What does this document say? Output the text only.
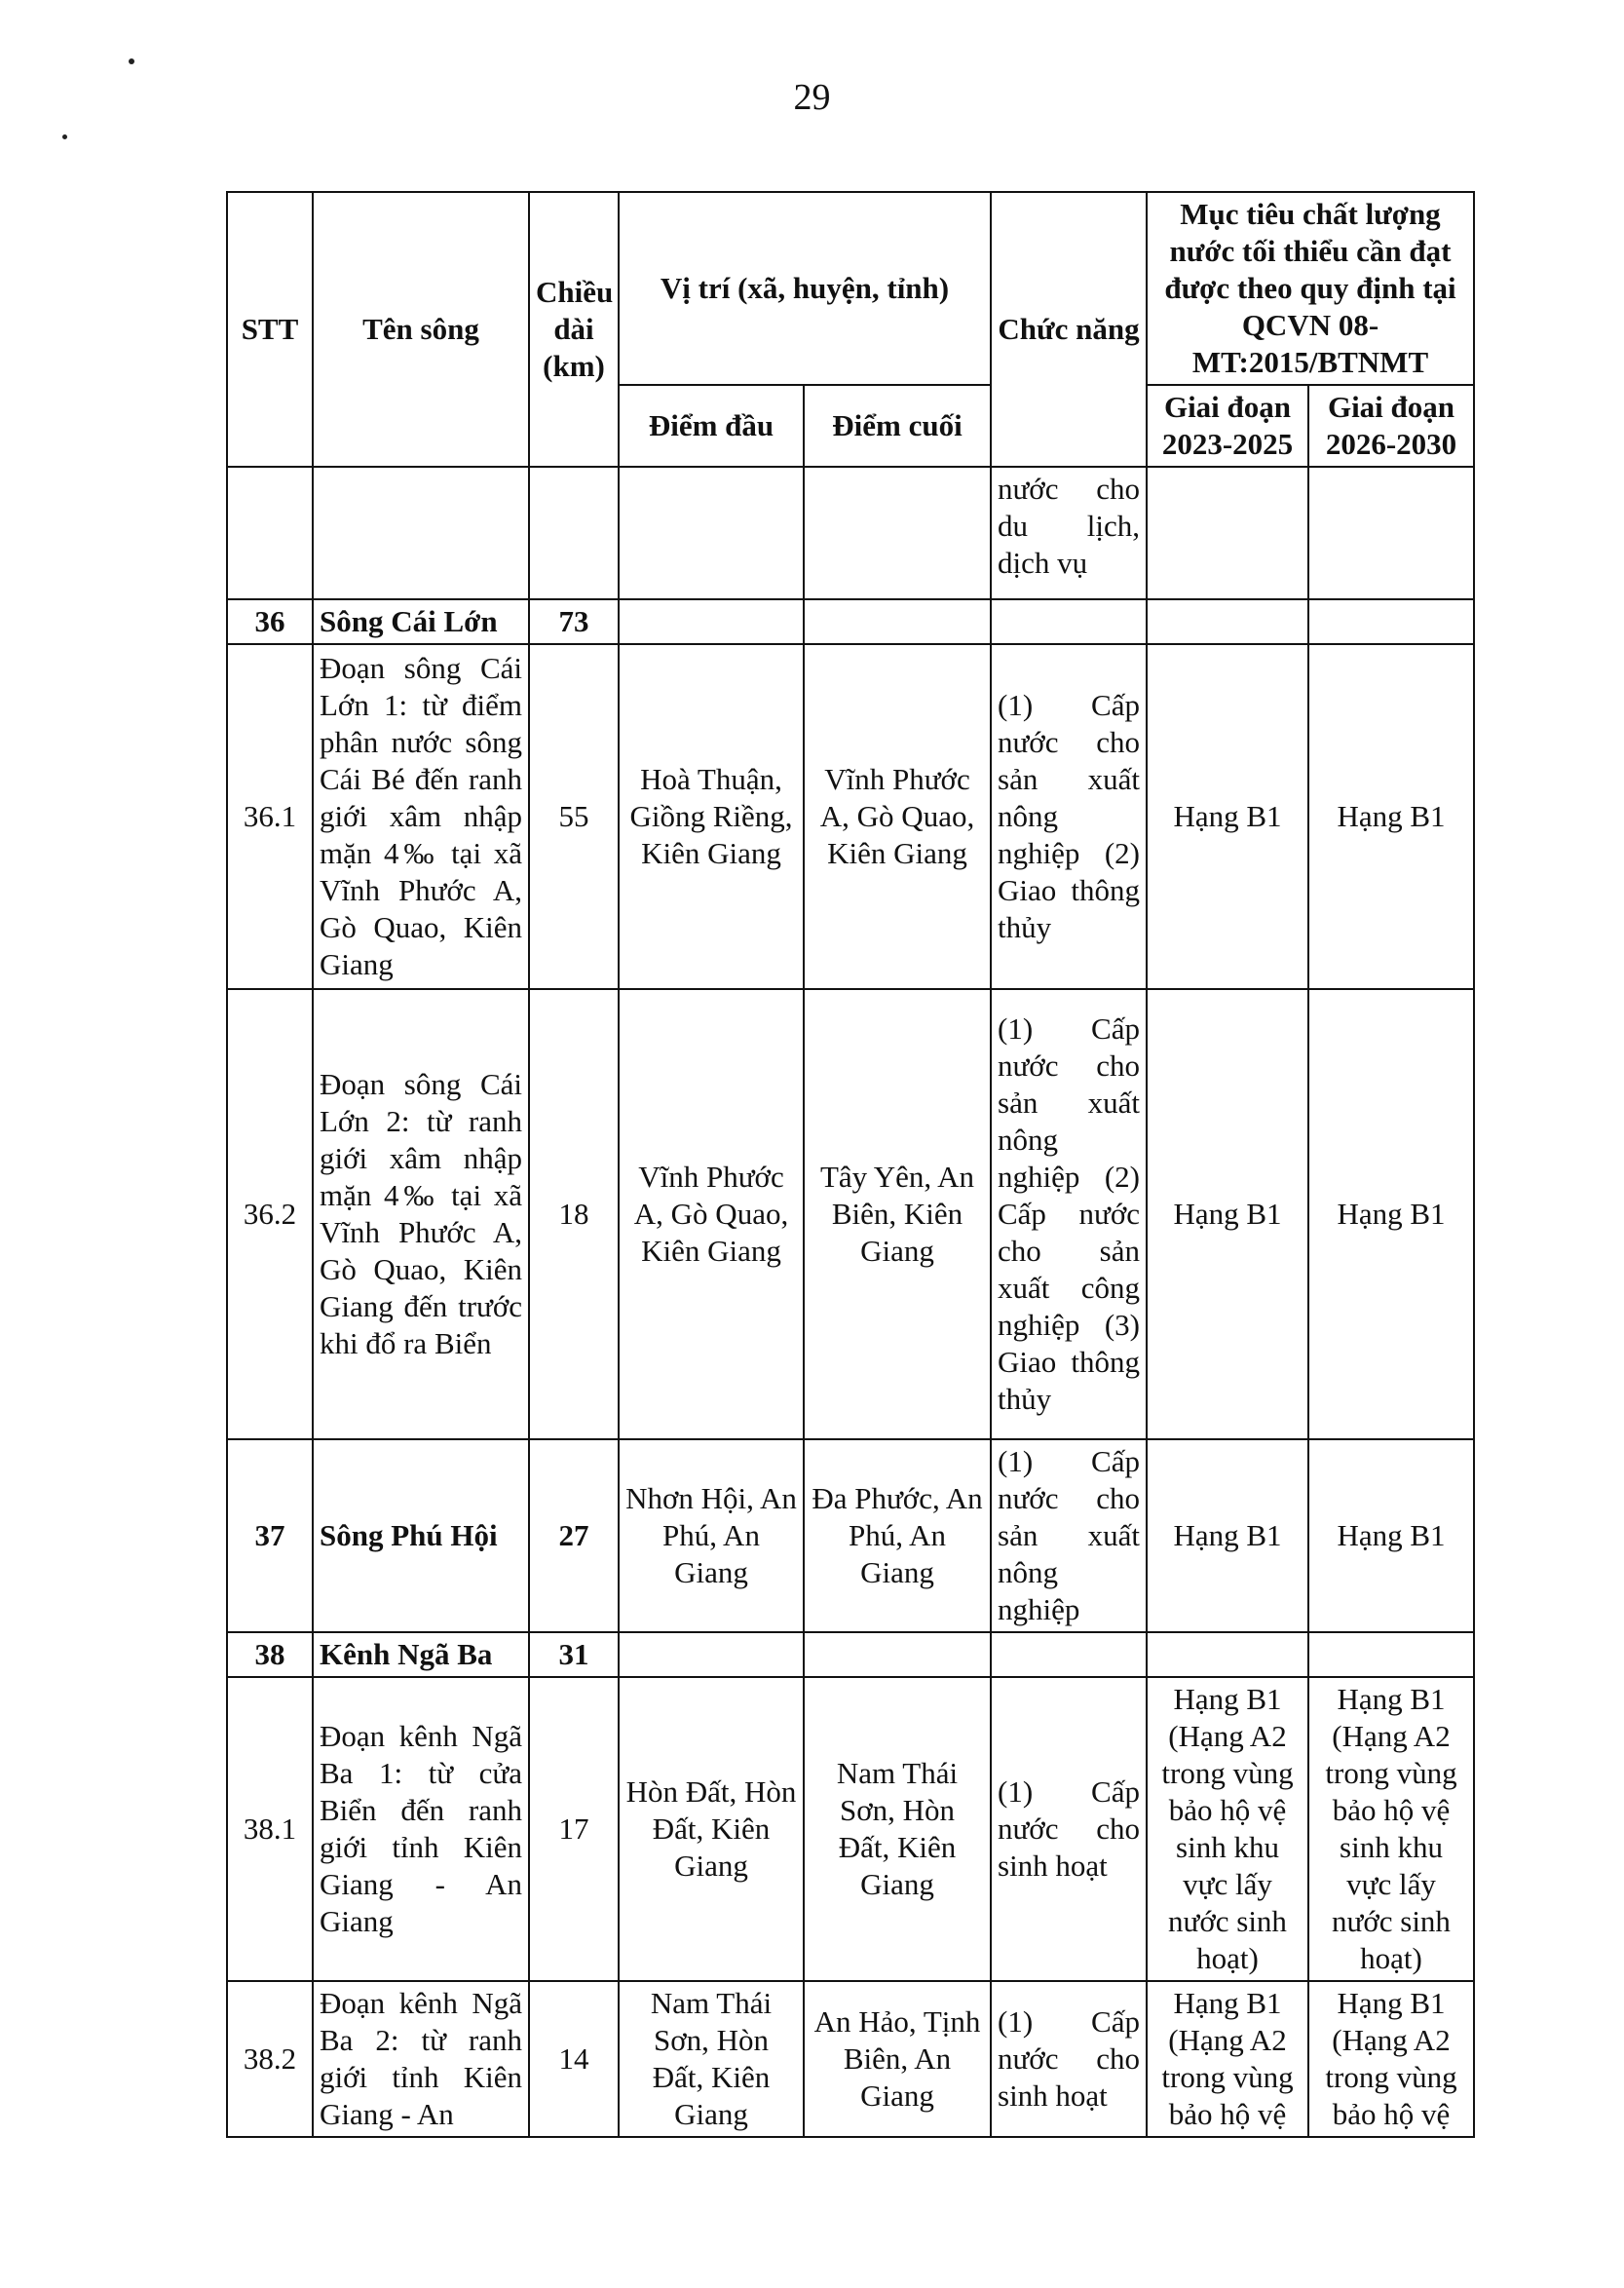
29
STT	Tên sông	Chiều dài (km)	Vị trí (xã, huyện, tỉnh)		Chức năng	Mục tiêu chất lượng nước tối thiểu cần đạt được theo quy định tại QCVN 08-MT:2015/BTNMT	
			Điểm đầu	Điểm cuối		Giai đoạn 2023-2025	Giai đoạn 2026-2030
					nước cho du lịch, dịch vụ		
36	Sông Cái Lớn	73					
36.1	Đoạn sông Cái Lớn 1: từ điểm phân nước sông Cái Bé đến ranh giới xâm nhập mặn 4‰ tại xã Vĩnh Phước A, Gò Quao, Kiên Giang	55	Hoà Thuận, Giồng Riềng, Kiên Giang	Vĩnh Phước A, Gò Quao, Kiên Giang	(1) Cấp nước cho sản xuất nông nghiệp (2) Giao thông thủy	Hạng B1	Hạng B1
36.2	Đoạn sông Cái Lớn 2: từ ranh giới xâm nhập mặn 4‰ tại xã Vĩnh Phước A, Gò Quao, Kiên Giang đến trước khi đổ ra Biển	18	Vĩnh Phước A, Gò Quao, Kiên Giang	Tây Yên, An Biên, Kiên Giang	(1) Cấp nước cho sản xuất nông nghiệp (2) Cấp nước cho sản xuất công nghiệp (3) Giao thông thủy	Hạng B1	Hạng B1
37	Sông Phú Hội	27	Nhơn Hội, An Phú, An Giang	Đa Phước, An Phú, An Giang	(1) Cấp nước cho sản xuất nông nghiệp	Hạng B1	Hạng B1
38	Kênh Ngã Ba	31					
38.1	Đoạn kênh Ngã Ba 1: từ cửa Biển đến ranh giới tỉnh Kiên Giang - An Giang	17	Hòn Đất, Hòn Đất, Kiên Giang	Nam Thái Sơn, Hòn Đất, Kiên Giang	(1) Cấp nước cho sinh hoạt	Hạng B1 (Hạng A2 trong vùng bảo hộ vệ sinh khu vực lấy nước sinh hoạt)	Hạng B1 (Hạng A2 trong vùng bảo hộ vệ sinh khu vực lấy nước sinh hoạt)
38.2	Đoạn kênh Ngã Ba 2: từ ranh giới tỉnh Kiên Giang - An	14	Nam Thái Sơn, Hòn Đất, Kiên Giang	An Hảo, Tịnh Biên, An Giang	(1) Cấp nước cho sinh hoạt	Hạng B1 (Hạng A2 trong vùng bảo hộ vệ	Hạng B1 (Hạng A2 trong vùng bảo hộ vệ
